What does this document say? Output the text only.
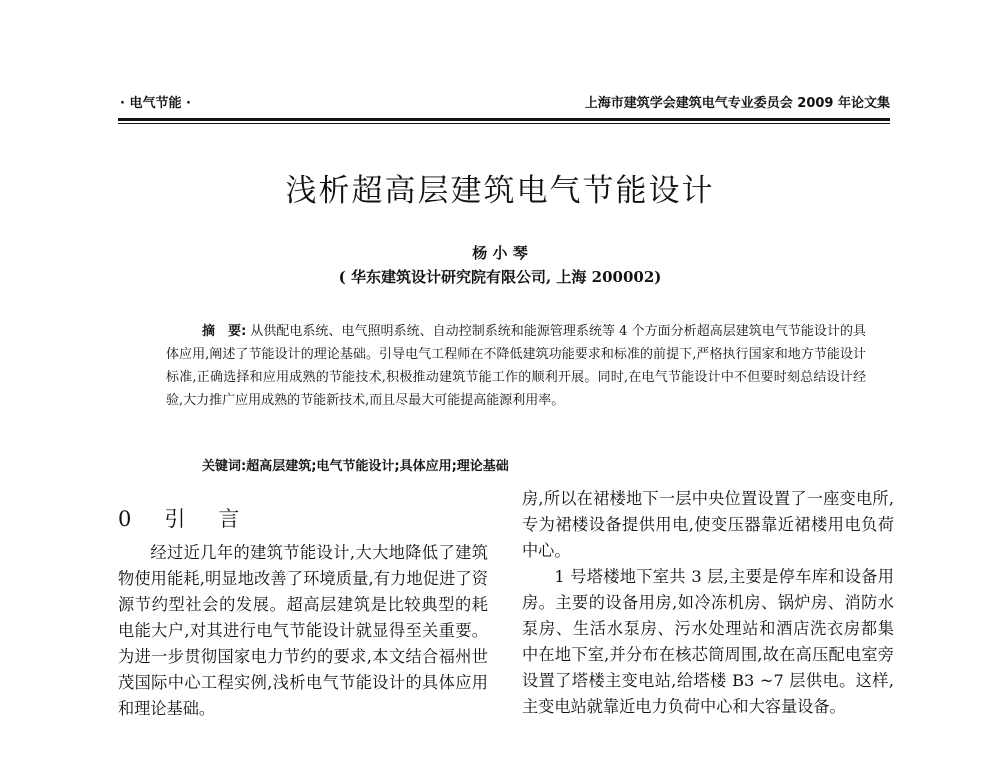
· 电气节能 ·	上海市建筑学会建筑电气专业委员会 2009 年论文集
浅析超高层建筑电气节能设计
杨 小 琴
( 华东建筑设计研究院有限公司, 上海 200002)
摘　要: 从供配电系统、电气照明系统、自动控制系统和能源管理系统等 4 个方面分析超高层建筑电气节能设计的具体应用,阐述了节能设计的理论基础。引导电气工程师在不降低建筑功能要求和标准的前提下,严格执行国家和地方节能设计标准,正确选择和应用成熟的节能技术,积极推动建筑节能工作的顺利开展。同时,在电气节能设计中不但要时刻总结设计经验,大力推广应用成熟的节能新技术,而且尽最大可能提高能源利用率。
关键词:超高层建筑;电气节能设计;具体应用;理论基础
0　引　言

经过近几年的建筑节能设计,大大地降低了建筑物使用能耗,明显地改善了环境质量,有力地促进了资源节约型社会的发展。超高层建筑是比较典型的耗电能大户,对其进行电气节能设计就显得至关重要。为进一步贯彻国家电力节约的要求,本文结合福州世茂国际中心工程实例,浅析电气节能设计的具体应用和理论基础。

房,所以在裙楼地下一层中央位置设置了一座变电所,专为裙楼设备提供用电,使变压器靠近裙楼用电负荷中心。

1 号塔楼地下室共 3 层,主要是停车库和设备用房。主要的设备用房,如冷冻机房、锅炉房、消防水泵房、生活水泵房、污水处理站和酒店洗衣房都集中在地下室,并分布在核芯筒周围,故在高压配电室旁设置了塔楼主变电站,给塔楼 B3 ~7 层供电。这样,主变电站就靠近电力负荷中心和大容量设备。
